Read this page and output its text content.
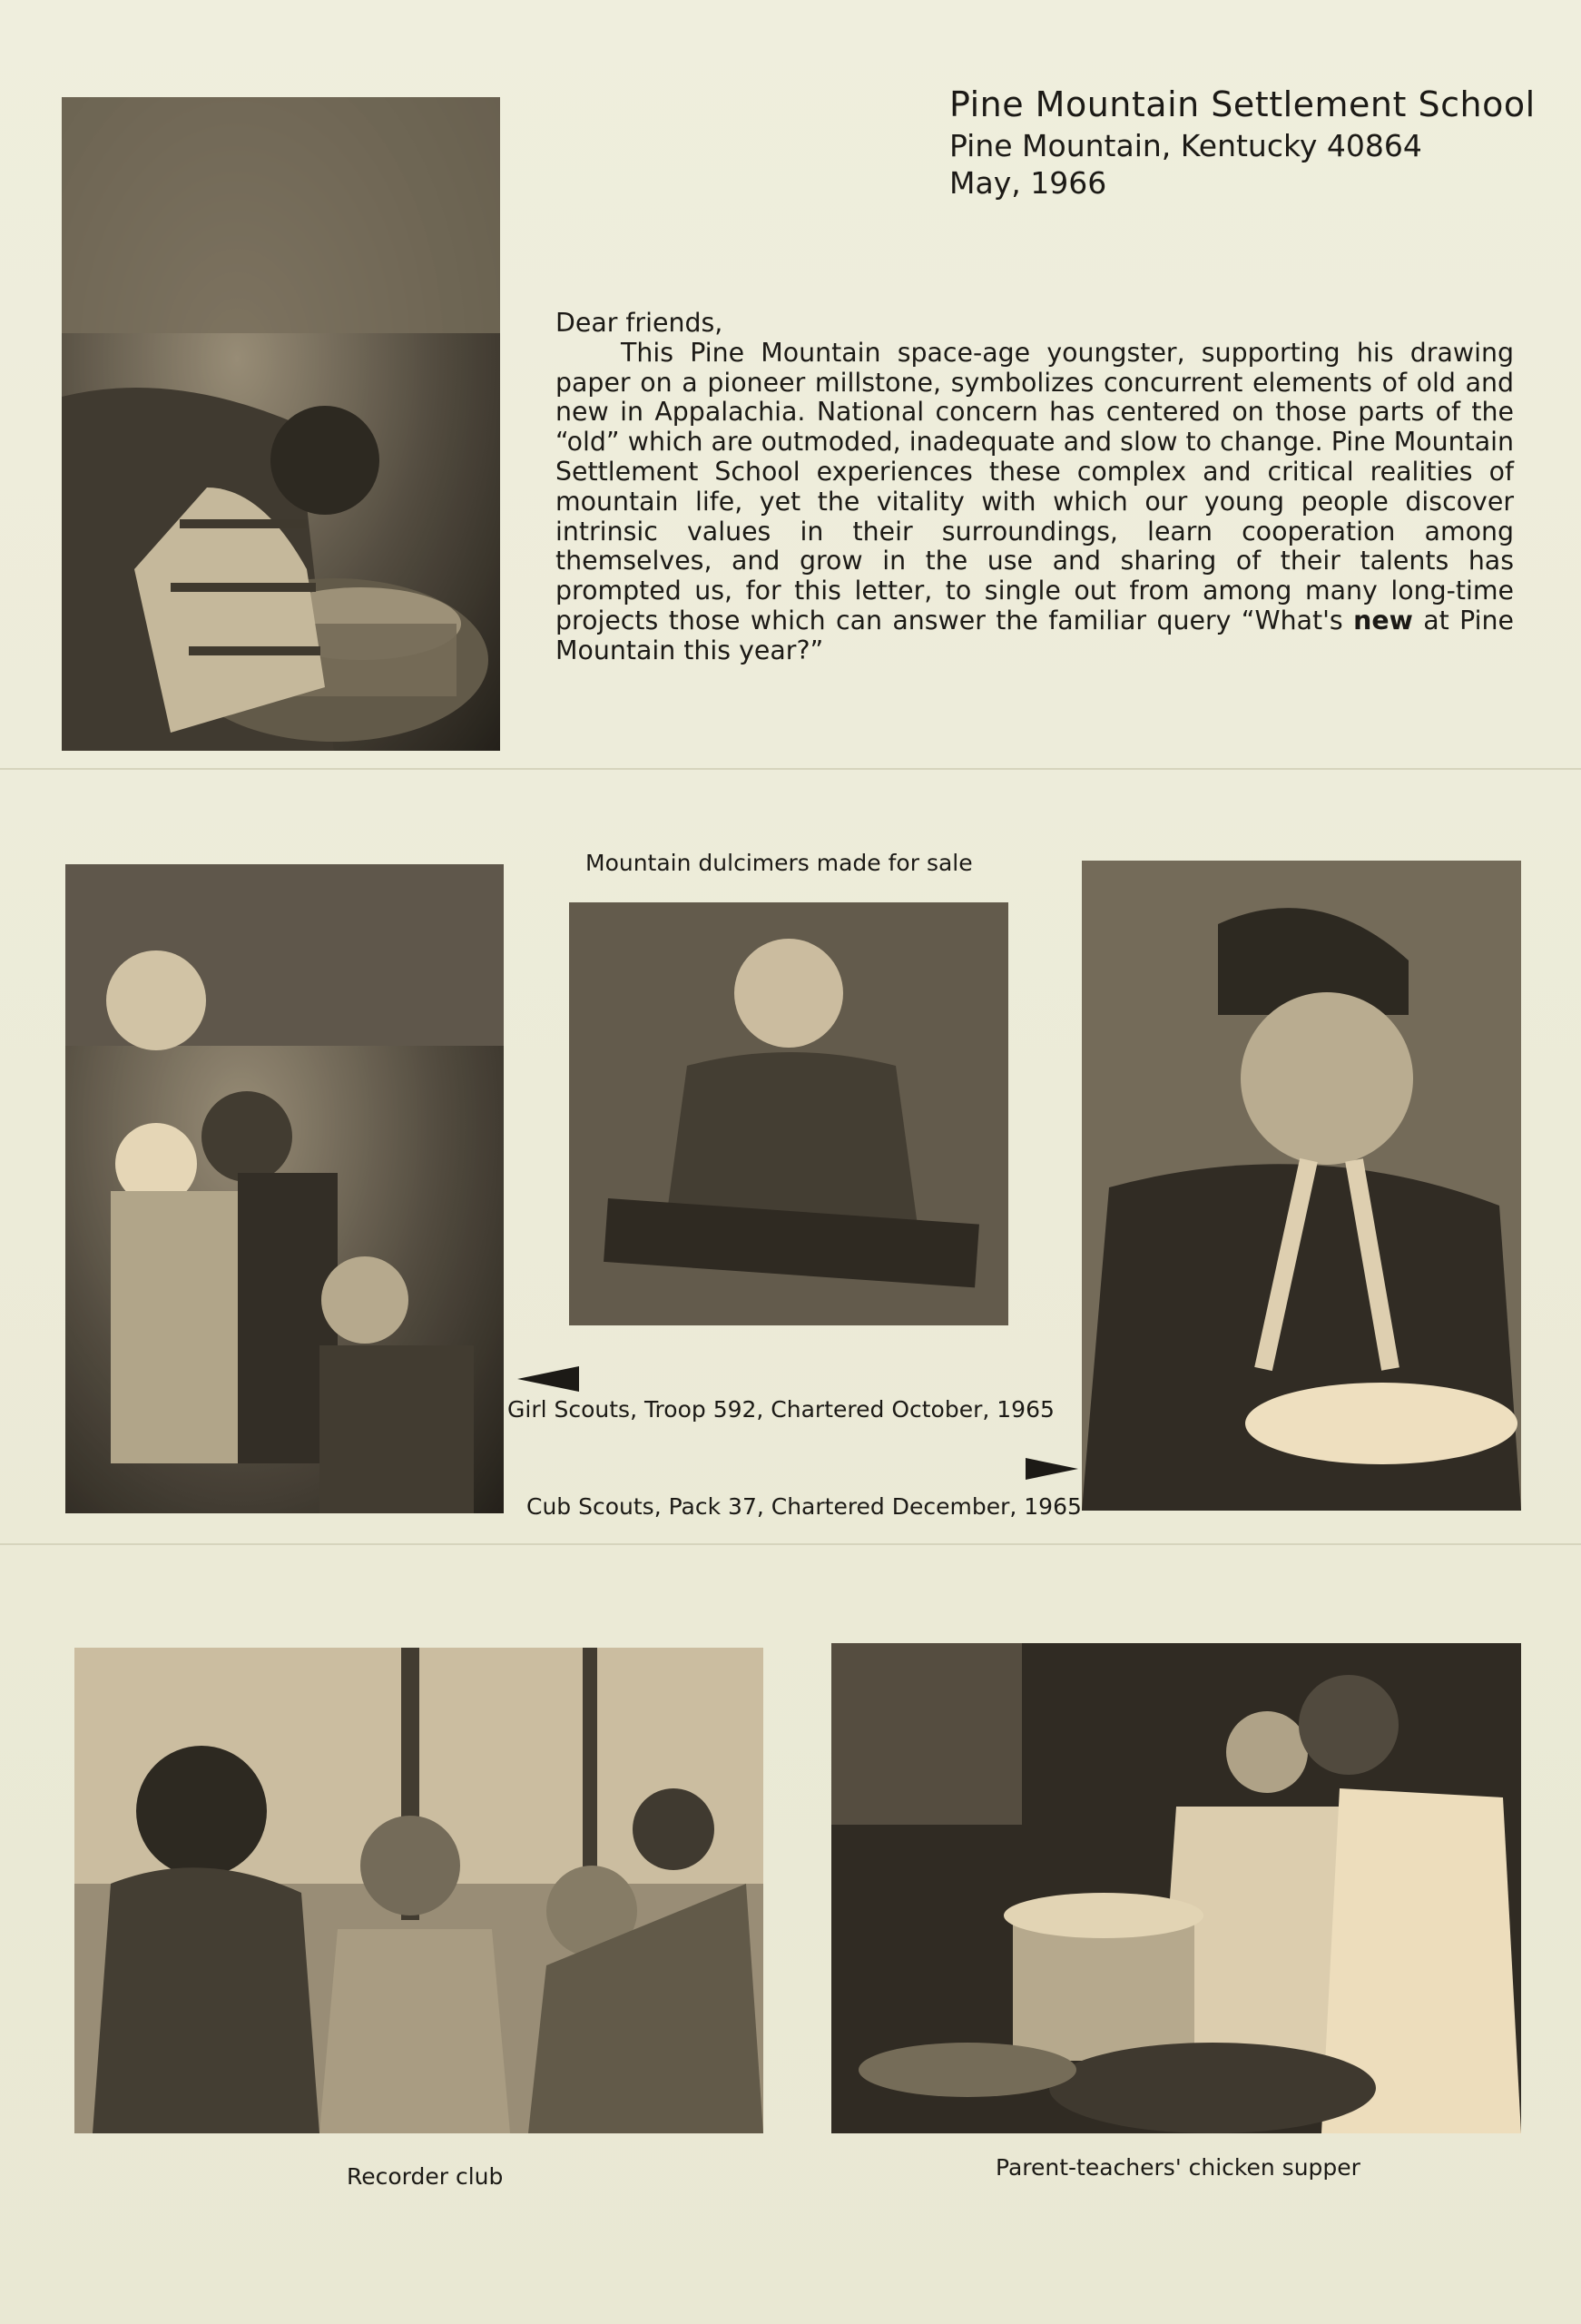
Pine Mountain Settlement School
Pine Mountain, Kentucky 40864
May, 1966
Dear friends,
This Pine Mountain space-age youngster, supporting his drawing paper on a pioneer millstone, symbolizes concurrent elements of old and new in Appalachia. National concern has centered on those parts of the “old” which are outmoded, inadequate and slow to change. Pine Mountain Settlement School experiences these complex and critical realities of mountain life, yet the vitality with which our young people discover intrinsic values in their surroundings, learn cooperation among themselves, and grow in the use and sharing of their talents has prompted us, for this letter, to single out from among many long-time projects those which can answer the familiar query “What's new at Pine Mountain this year?”
Mountain dulcimers made for sale
Girl Scouts, Troop 592, Chartered October, 1965
Cub Scouts, Pack 37, Chartered December, 1965
Recorder club	Parent-teachers' chicken supper
